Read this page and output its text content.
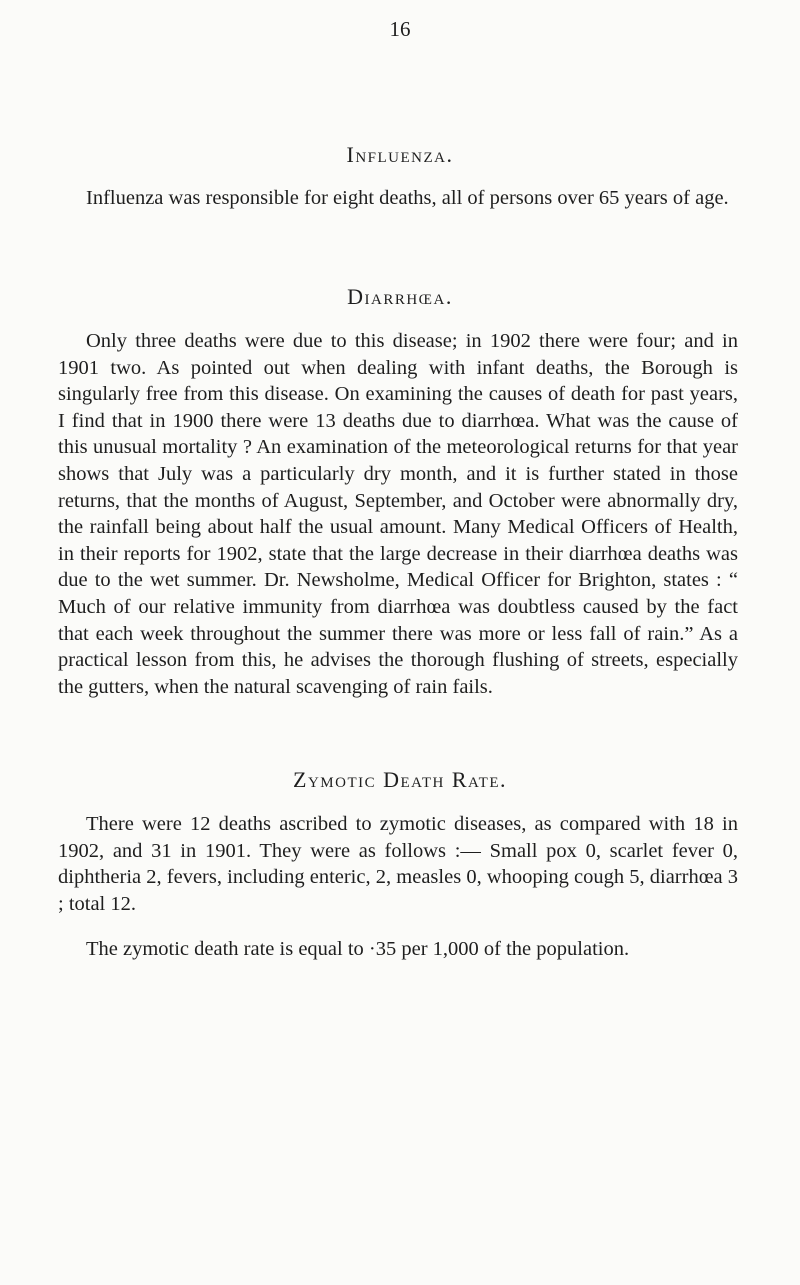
16
Influenza.

Influenza was responsible for eight deaths, all of persons over 65 years of age.

Diarrhœa.

Only three deaths were due to this disease; in 1902 there were four; and in 1901 two. As pointed out when dealing with infant deaths, the Borough is singularly free from this disease. On examining the causes of death for past years, I find that in 1900 there were 13 deaths due to diarrhœa. What was the cause of this unusual mortality ? An examination of the meteorological returns for that year shows that July was a particularly dry month, and it is further stated in those returns, that the months of August, September, and October were abnormally dry, the rainfall being about half the usual amount. Many Medical Officers of Health, in their reports for 1902, state that the large decrease in their diarrhœa deaths was due to the wet summer. Dr. Newsholme, Medical Officer for Brighton, states : “ Much of our relative immunity from diarrhœa was doubtless caused by the fact that each week throughout the summer there was more or less fall of rain.” As a practical lesson from this, he advises the thorough flushing of streets, especially the gutters, when the natural scavenging of rain fails.

Zymotic Death Rate.

There were 12 deaths ascribed to zymotic diseases, as compared with 18 in 1902, and 31 in 1901. They were as follows :— Small pox 0, scarlet fever 0, diphtheria 2, fevers, including enteric, 2, measles 0, whooping cough 5, diarrhœa 3 ; total 12.

The zymotic death rate is equal to ·35 per 1,000 of the population.
